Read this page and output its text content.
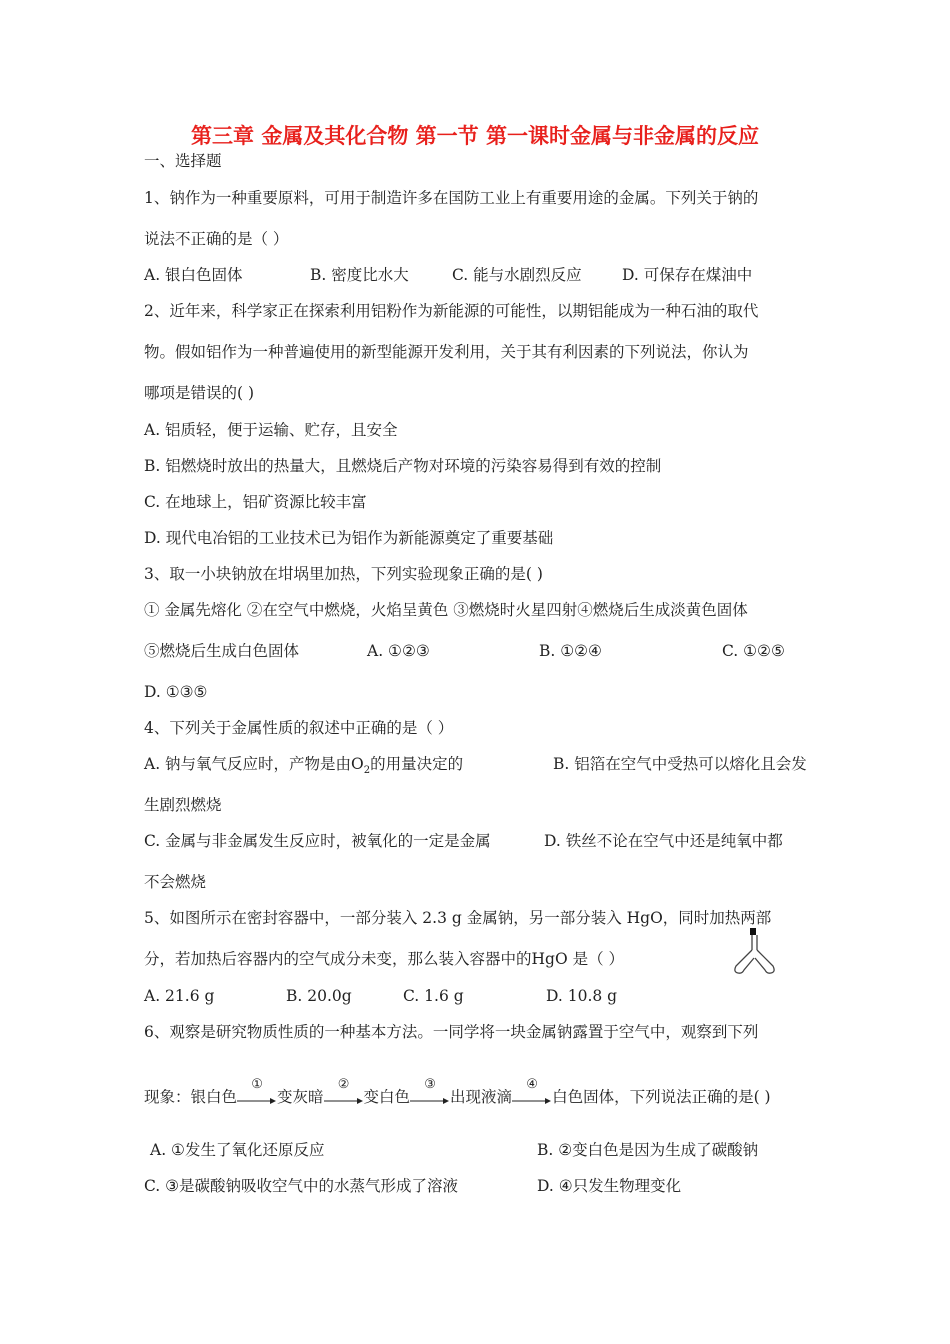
第三章 金属及其化合物 第一节 第一课时金属与非金属的反应
一、选择题
1、钠作为一种重要原料，可用于制造许多在国防工业上有重要用途的金属。下列关于钠的
说法不正确的是（ ）
A. 银白色固体	B. 密度比水大	C. 能与水剧烈反应	D. 可保存在煤油中
2、近年来，科学家正在探索利用铝粉作为新能源的可能性，以期铝能成为一种石油的取代
物。假如铝作为一种普遍使用的新型能源开发利用，关于其有利因素的下列说法，你认为
哪项是错误的( )
A. 铝质轻，便于运输、贮存，且安全
B. 铝燃烧时放出的热量大，且燃烧后产物对环境的污染容易得到有效的控制
C. 在地球上，铝矿资源比较丰富
D. 现代电冶铝的工业技术已为铝作为新能源奠定了重要基础
3、取一小块钠放在坩埚里加热，下列实验现象正确的是( )
① 金属先熔化 ②在空气中燃烧，火焰呈黄色 ③燃烧时火星四射④燃烧后生成淡黄色固体
⑤燃烧后生成白色固体	A. ①②③	B. ①②④	C. ①②⑤
D. ①③⑤
4、下列关于金属性质的叙述中正确的是（ ）
A. 钠与氧气反应时，产物是由$O_2$的用量决定的	B. 铝箔在空气中受热可以熔化且会发
生剧烈燃烧
C. 金属与非金属发生反应时，被氧化的一定是金属	D. 铁丝不论在空气中还是纯氧中都
不会燃烧
5、如图所示在密封容器中，一部分装入 2.3 g 金属钠，另一部分装入 HgO，同时加热两部
分，若加热后容器内的空气成分未变，那么装入容器中的HgO 是（ ）
A. 21.6 g	B. 20.0g	C. 1.6 g	D. 10.8 g
6、观察是研究物质性质的一种基本方法。一同学将一块金属钠露置于空气中，观察到下列
现象：银白色
①
变灰暗
②
变白色
③
出现液滴
④
白色固体，下列说法正确的是( )
A. ①发生了氧化还原反应	B. ②变白色是因为生成了碳酸钠
C. ③是碳酸钠吸收空气中的水蒸气形成了溶液	D. ④只发生物理变化
